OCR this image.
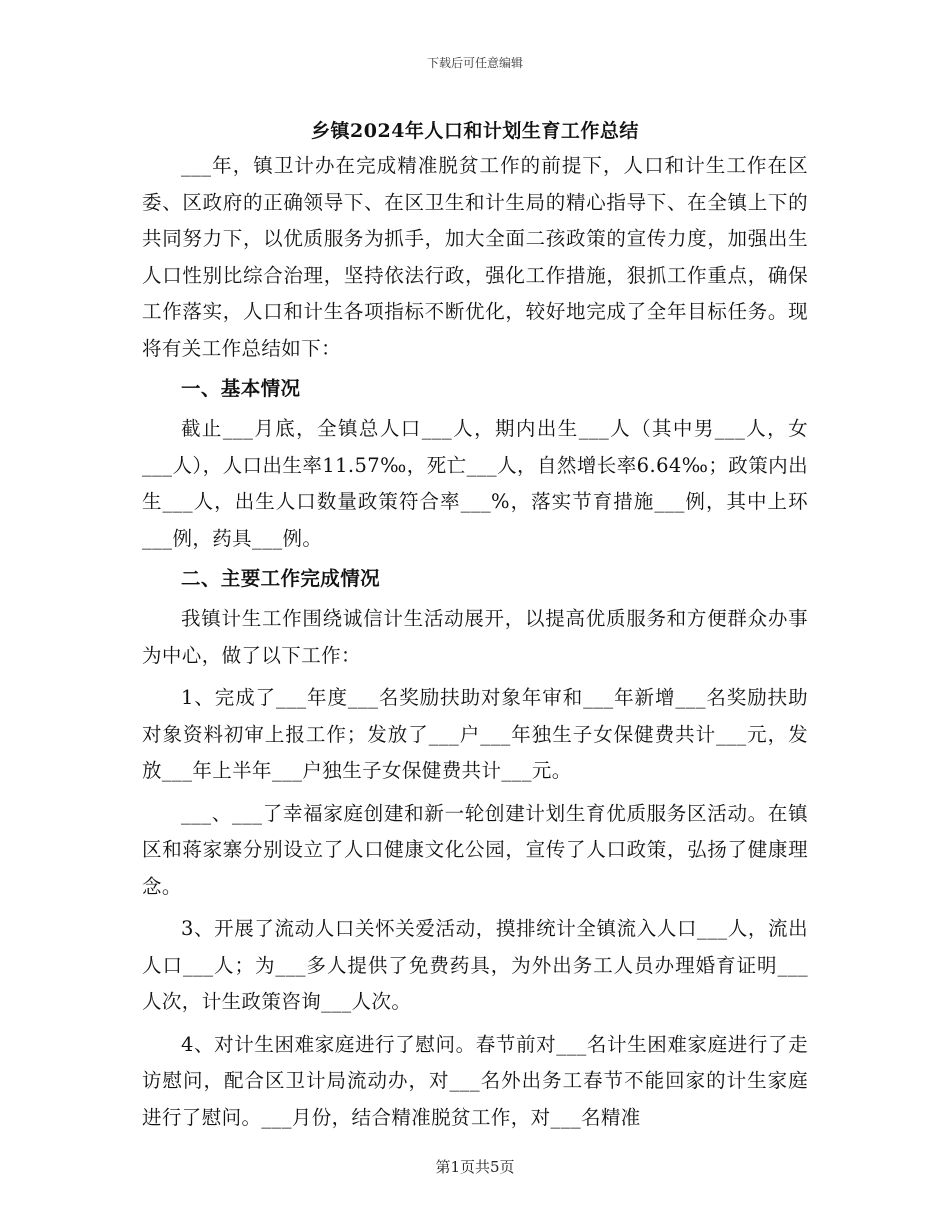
下载后可任意编辑
乡镇2024年人口和计划生育工作总结

___年，镇卫计办在完成精准脱贫工作的前提下，人口和计生工作在区委、区政府的正确领导下、在区卫生和计生局的精心指导下、在全镇上下的共同努力下，以优质服务为抓手，加大全面二孩政策的宣传力度，加强出生人口性别比综合治理，坚持依法行政，强化工作措施，狠抓工作重点，确保工作落实，人口和计生各项指标不断优化，较好地完成了全年目标任务。现将有关工作总结如下：

一、基本情况

截止___月底，全镇总人口___人，期内出生___人（其中男___人，女___人），人口出生率11.57‰，死亡___人，自然增长率6.64‰；政策内出生___人，出生人口数量政策符合率___%，落实节育措施___例，其中上环___例，药具___例。

二、主要工作完成情况

我镇计生工作围绕诚信计生活动展开，以提高优质服务和方便群众办事为中心，做了以下工作：

1、完成了___年度___名奖励扶助对象年审和___年新增___名奖励扶助对象资料初审上报工作；发放了___户___年独生子女保健费共计___元，发放___年上半年___户独生子女保健费共计___元。

___、___了幸福家庭创建和新一轮创建计划生育优质服务区活动。在镇区和蒋家寨分别设立了人口健康文化公园，宣传了人口政策，弘扬了健康理念。

3、开展了流动人口关怀关爱活动，摸排统计全镇流入人口___人，流出人口___人；为___多人提供了免费药具，为外出务工人员办理婚育证明___人次，计生政策咨询___人次。

4、对计生困难家庭进行了慰问。春节前对___名计生困难家庭进行了走访慰问，配合区卫计局流动办，对___名外出务工春节不能回家的计生家庭进行了慰问。___月份，结合精准脱贫工作，对___名精准

第1页共5页
